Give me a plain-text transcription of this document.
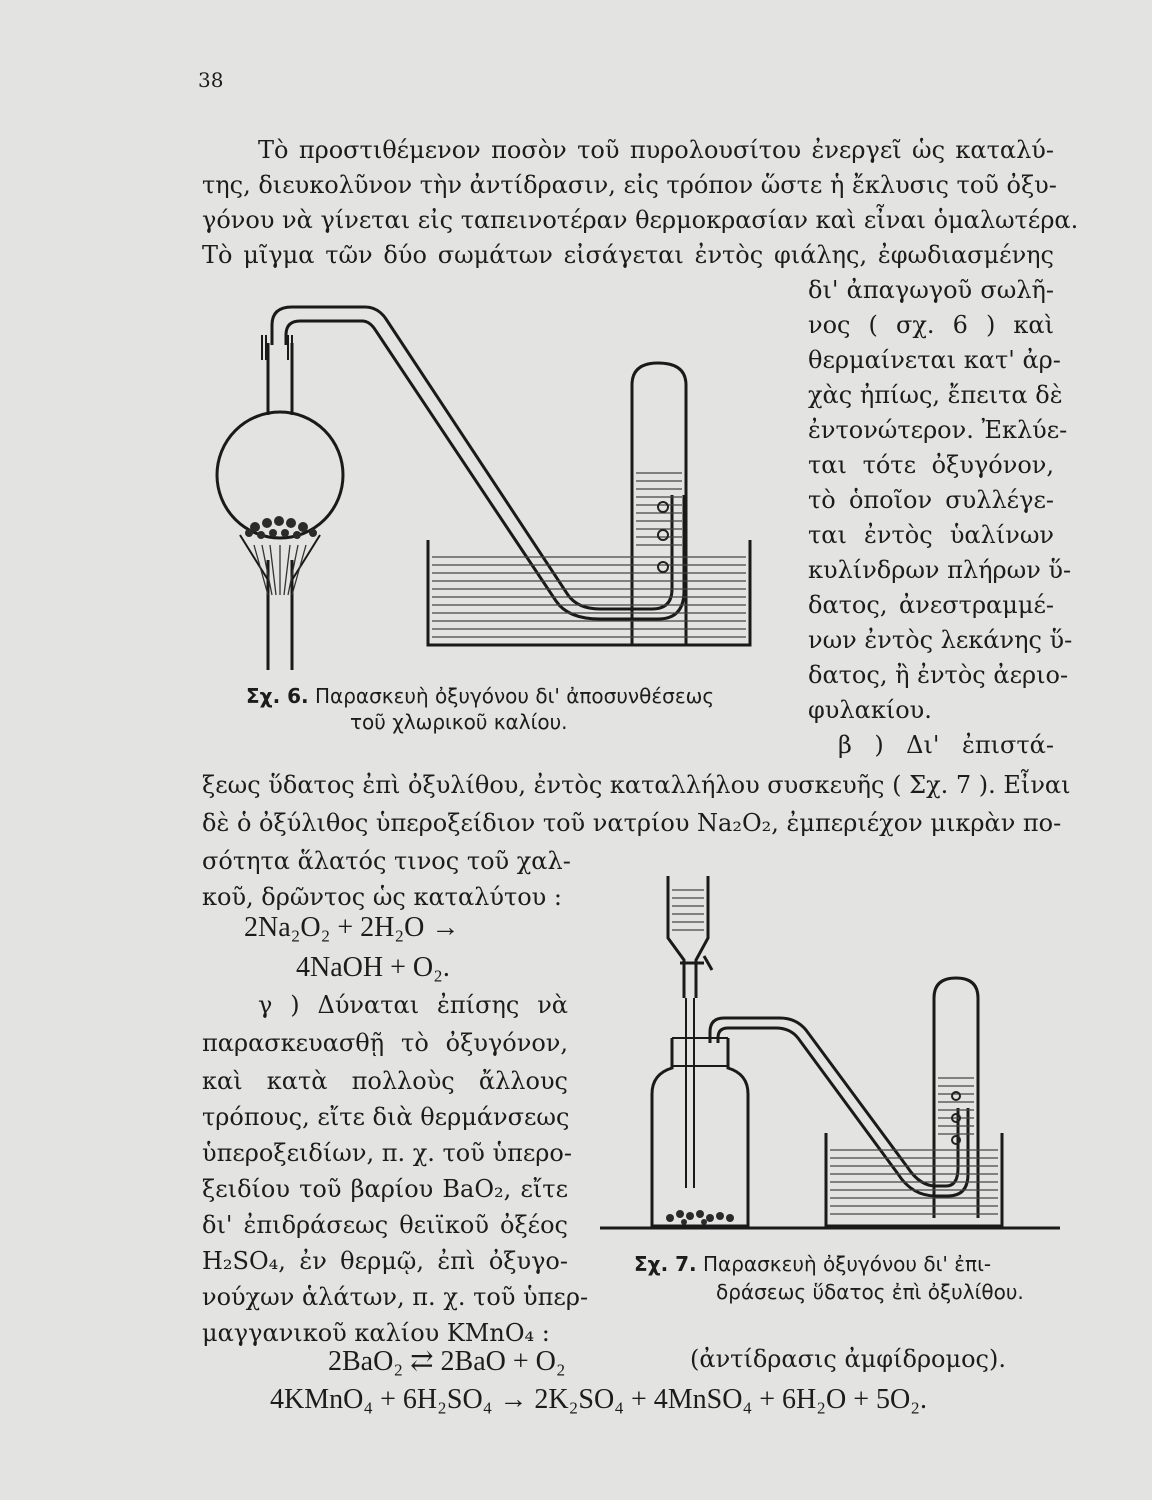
38
Τὸ προστιθέμενον ποσὸν τοῦ πυρολουσίτου ἐνεργεῖ ὡς καταλύ-
της, διευκολῦνον τὴν ἀντίδρασιν, εἰς τρόπον ὥστε ἡ ἔκλυσις τοῦ ὀξυ-
γόνου νὰ γίνεται εἰς ταπεινοτέραν θερμοκρασίαν καὶ εἶναι ὁμαλωτέρα.
Τὸ μῖγμα τῶν δύο σωμάτων εἰσάγεται ἐντὸς φιάλης, ἐφωδιασμένης
δι' ἀπαγωγοῦ σωλῆ-
νος ( σχ. 6 ) καὶ
θερμαίνεται κατ' ἀρ-
χὰς ἠπίως, ἔπειτα δὲ
ἐντονώτερον. Ἐκλύε-
ται τότε ὀξυγόνον,
τὸ ὁποῖον συλλέγε-
ται ἐντὸς ὑαλίνων
κυλίνδρων πλήρων ὕ-
δατος, ἀνεστραμμέ-
νων ἐντὸς λεκάνης ὕ-
δατος, ἢ ἐντὸς ἀεριο-
φυλακίου.
β ) Δι' ἐπιστά-
Σχ. 6. Παρασκευὴ ὀξυγόνου δι' ἀποσυνθέσεως
τοῦ χλωρικοῦ καλίου.
ξεως ὕδατος ἐπὶ ὀξυλίθου, ἐντὸς καταλλήλου συσκευῆς ( Σχ. 7 ). Εἶναι
δὲ ὁ ὀξύλιθος ὑπεροξείδιον τοῦ νατρίου Na₂O₂, ἐμπεριέχον μικρὰν πο-
σότητα ἅλατός τινος τοῦ χαλ-
κοῦ, δρῶντος ὡς καταλύτου :
2Na₂O₂ + 2H₂O →
4NaOH + O₂.
γ ) Δύναται ἐπίσης νὰ
παρασκευασθῇ τὸ ὀξυγόνον,
καὶ κατὰ πολλοὺς ἄλλους
τρόπους, εἴτε διὰ θερμάνσεως
ὑπεροξειδίων, π. χ. τοῦ ὑπερο-
ξειδίου τοῦ βαρίου BaO₂, εἴτε
δι' ἐπιδράσεως θειϊκοῦ ὀξέος
H₂SO₄, ἐν θερμῷ, ἐπὶ ὀξυγο-
νούχων ἁλάτων, π. χ. τοῦ ὑπερ-
μαγγανικοῦ καλίου KMnO₄ :
Σχ. 7. Παρασκευὴ ὀξυγόνου δι' ἐπι-
δράσεως ὕδατος ἐπὶ ὀξυλίθου.
2BaO₂ ⇄ 2BaO + O₂	(ἀντίδρασις ἀμφίδρομος).
4KMnO₄ + 6H₂SO₄ → 2K₂SO₄ + 4MnSO₄ + 6H₂O + 5O₂.
